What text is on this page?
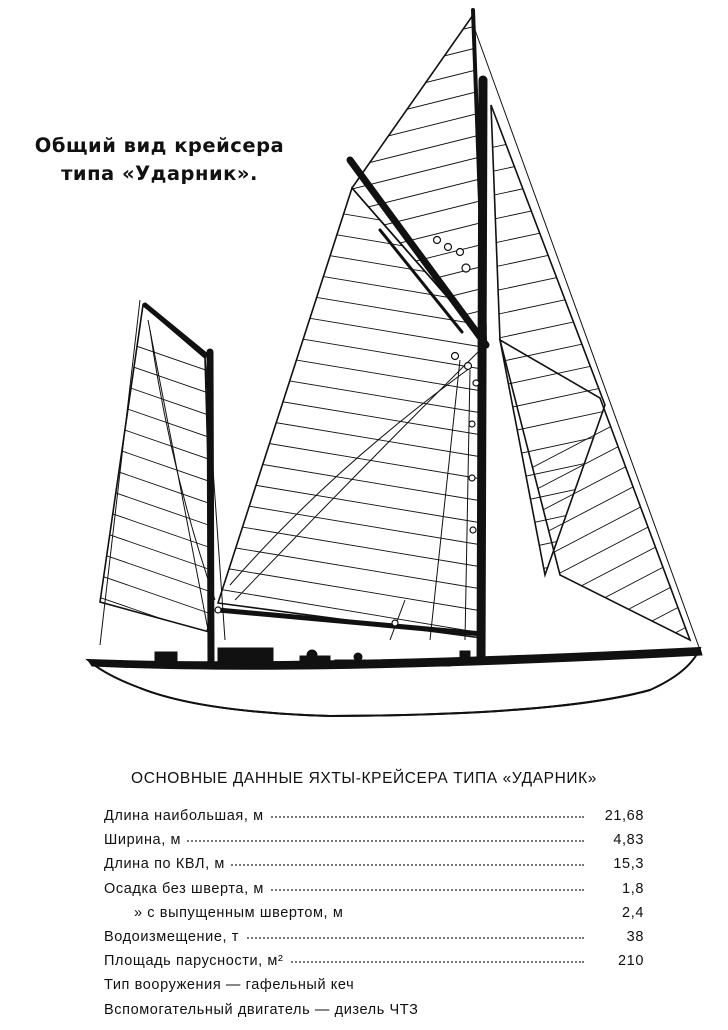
Общий вид крейсера
типа «Ударник».
ОСНОВНЫЕ ДАННЫЕ ЯХТЫ-КРЕЙСЕРА ТИПА «УДАРНИК»
Длина наибольшая, м	21,68
Ширина, м	4,83
Длина по КВЛ, м	15,3
Осадка без шверта, м	1,8
» с выпущенным швертом, м	2,4
Водоизмещение, т	38
Площадь парусности, м²	210
Тип вооружения — гафельный кеч
Вспомогательный двигатель — дизель ЧТЗ
